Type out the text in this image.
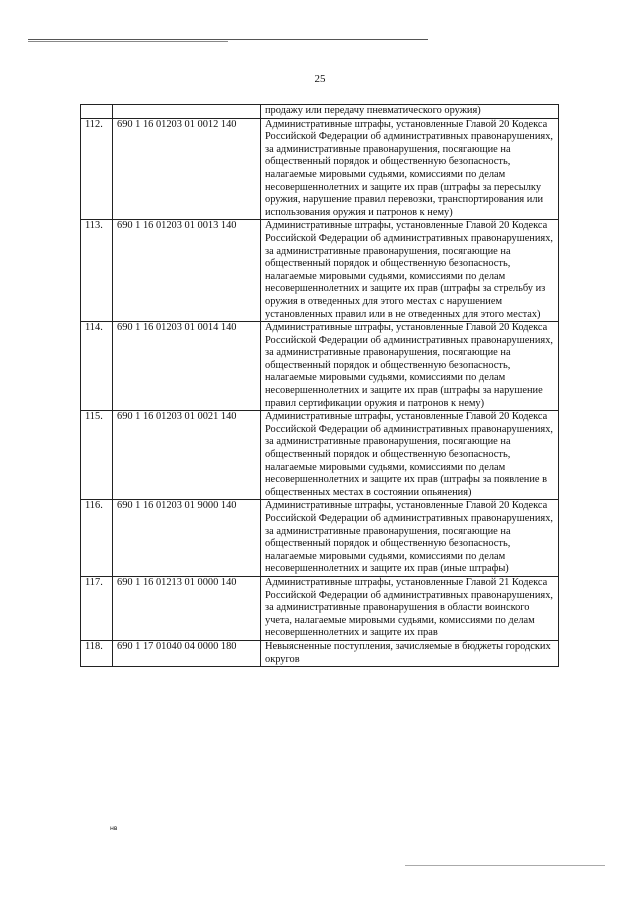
25
		продажу или передачу пневматического оружия)
112.	690 1 16 01203 01 0012 140	Административные штрафы, установленные Главой 20 Кодекса Российской Федерации об административных правонарушениях, за административные правонарушения, посягающие на общественный порядок и общественную безопасность, налагаемые мировыми судьями, комиссиями по делам несовершеннолетних и защите их прав (штрафы за пересылку оружия, нарушение правил перевозки, транспортирования или использования оружия и патронов к нему)
113.	690 1 16 01203 01 0013 140	Административные штрафы, установленные Главой 20 Кодекса Российской Федерации об административных правонарушениях, за административные правонарушения, посягающие на общественный порядок и общественную безопасность, налагаемые мировыми судьями, комиссиями по делам несовершеннолетних и защите их прав (штрафы за стрельбу из оружия в отведенных для этого местах с нарушением установленных правил или в не отведенных для этого местах)
114.	690 1 16 01203 01 0014 140	Административные штрафы, установленные Главой 20 Кодекса Российской Федерации об административных правонарушениях, за административные правонарушения, посягающие на общественный порядок и общественную безопасность, налагаемые мировыми судьями, комиссиями по делам несовершеннолетних и защите их прав (штрафы за нарушение правил сертификации оружия и патронов к нему)
115.	690 1 16 01203 01 0021 140	Административные штрафы, установленные Главой 20 Кодекса Российской Федерации об административных правонарушениях, за административные правонарушения, посягающие на общественный порядок и общественную безопасность, налагаемые мировыми судьями, комиссиями по делам несовершеннолетних и защите их прав (штрафы за появление в общественных местах в состоянии опьянения)
116.	690 1 16 01203 01 9000 140	Административные штрафы, установленные Главой 20 Кодекса Российской Федерации об административных правонарушениях, за административные правонарушения, посягающие на общественный порядок и общественную безопасность, налагаемые мировыми судьями, комиссиями по делам несовершеннолетних и защите их прав (иные штрафы)
117.	690 1 16 01213 01 0000 140	Административные штрафы, установленные Главой 21 Кодекса Российской Федерации об административных правонарушениях, за административные правонарушения в области воинского учета, налагаемые мировыми судьями, комиссиями по делам несовершеннолетних и защите их прав
118.	690 1 17 01040 04 0000 180	Невыясненные поступления, зачисляемые в бюджеты городских округов
нв
